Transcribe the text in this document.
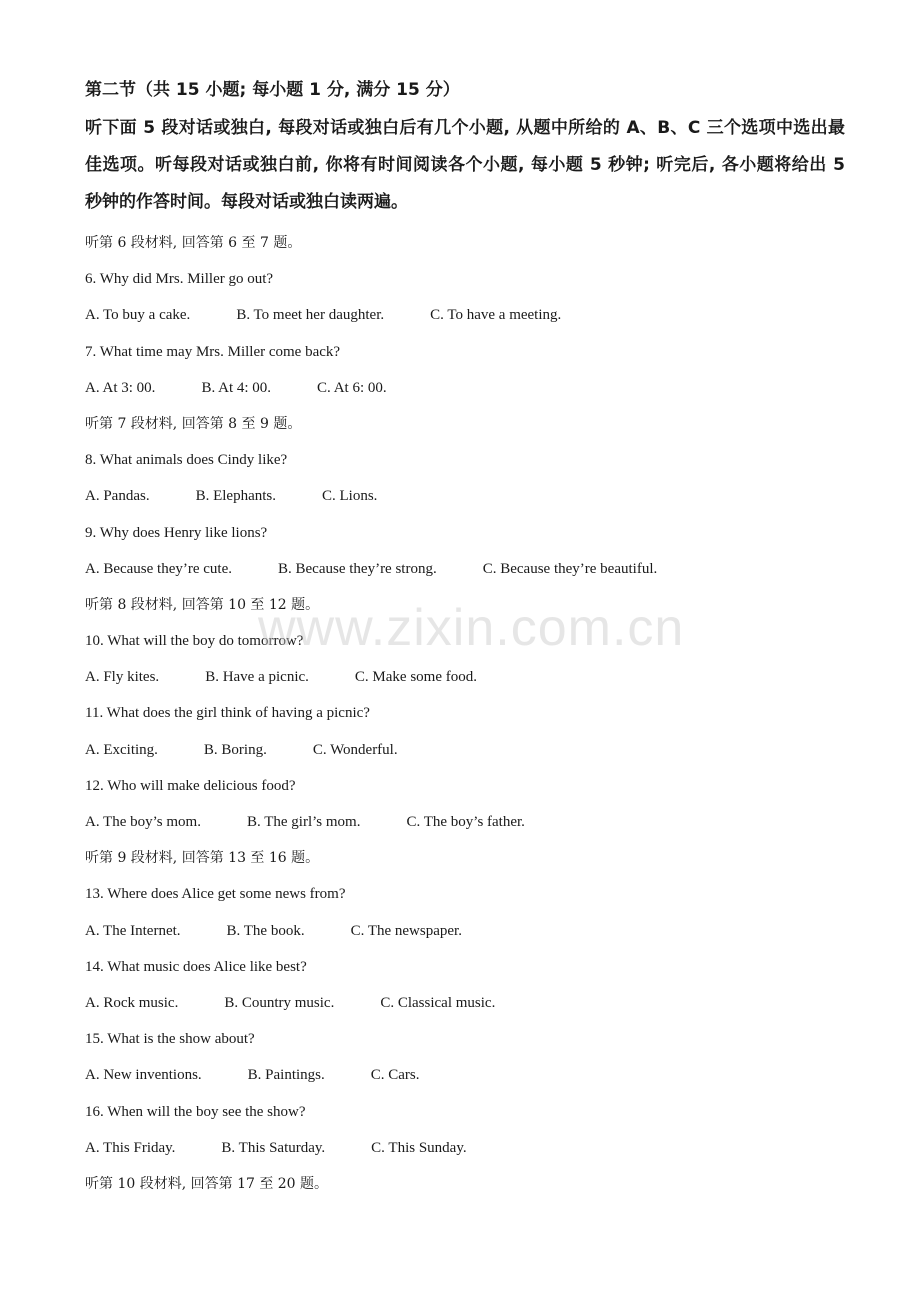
第二节（共 15 小题; 每小题 1 分, 满分 15 分）

听下面 5 段对话或独白, 每段对话或独白后有几个小题, 从题中所给的 A、B、C 三个选项中选出最佳选项。听每段对话或独白前, 你将有时间阅读各个小题, 每小题 5 秒钟; 听完后, 各小题将给出 5 秒钟的作答时间。每段对话或独白读两遍。

听第 6 段材料, 回答第 6 至 7 题。
6. Why did Mrs. Miller go out?
A. To buy a cake.	B. To meet her daughter.	C. To have a meeting.
7. What time may Mrs. Miller come back?
A. At 3: 00.	B. At 4: 00.	C. At 6: 00.
听第 7 段材料, 回答第 8 至 9 题。
8. What animals does Cindy like?
A. Pandas.	B. Elephants.	C. Lions.
9. Why does Henry like lions?
A. Because they’re cute.	B. Because they’re strong.	C. Because they’re beautiful.
听第 8 段材料, 回答第 10 至 12 题。
10. What will the boy do tomorrow?
A. Fly kites.	B. Have a picnic.	C. Make some food.
11. What does the girl think of having a picnic?
A. Exciting.	B. Boring.	C. Wonderful.
12. Who will make delicious food?
A. The boy’s mom.	B. The girl’s mom.	C. The boy’s father.
听第 9 段材料, 回答第 13 至 16 题。
13. Where does Alice get some news from?
A. The Internet.	B. The book.	C. The newspaper.
14. What music does Alice like best?
A. Rock music.	B. Country music.	C. Classical music.
15. What is the show about?
A. New inventions.	B. Paintings.	C. Cars.
16. When will the boy see the show?
A. This Friday.	B. This Saturday.	C. This Sunday.
听第 10 段材料, 回答第 17 至 20 题。
www.zixin.com.cn
